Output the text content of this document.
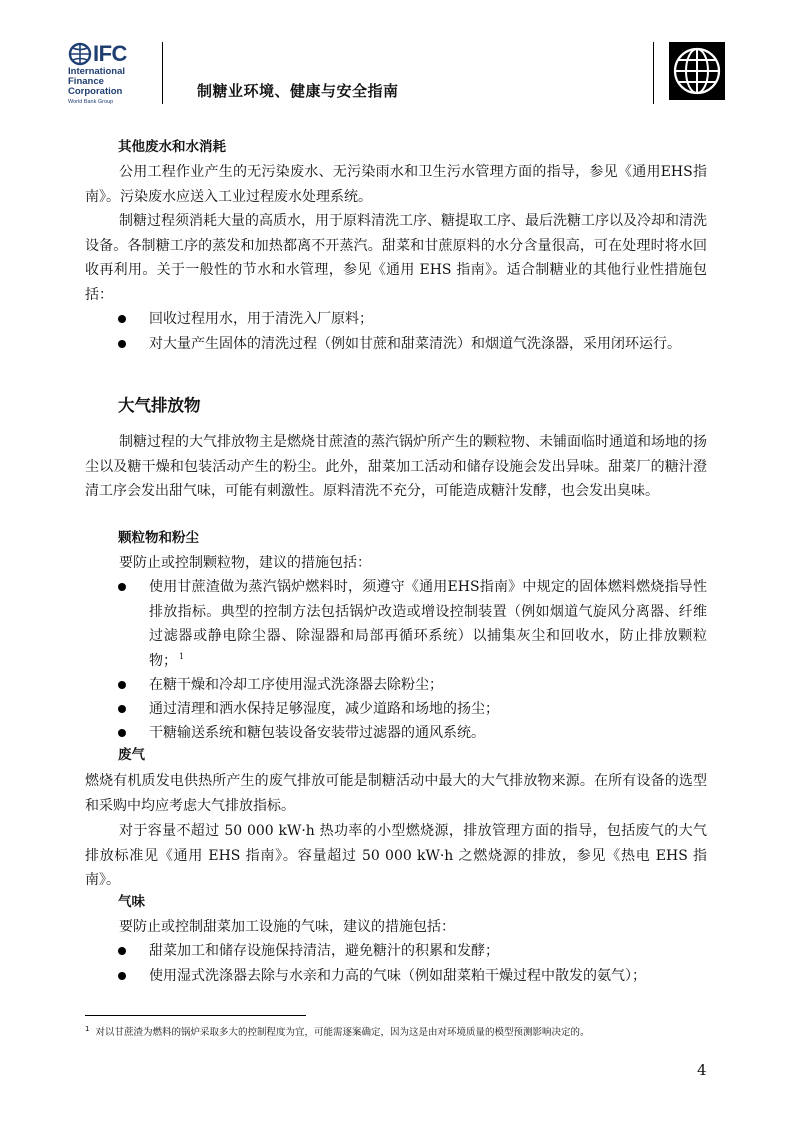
IFC
International
Finance
Corporation
World Bank Group
制糖业环境、健康与安全指南

其他废水和水消耗

公用工程作业产生的无污染废水、无污染雨水和卫生污水管理方面的指导，参见《通用EHS指南》。污染废水应送入工业过程废水处理系统。

制糖过程须消耗大量的高质水，用于原料清洗工序、糖提取工序、最后洗糖工序以及冷却和清洗设备。各制糖工序的蒸发和加热都离不开蒸汽。甜菜和甘蔗原料的水分含量很高，可在处理时将水回收再利用。关于一般性的节水和水管理，参见《通用 EHS 指南》。适合制糖业的其他行业性措施包括：

回收过程用水，用于清洗入厂原料；
对大量产生固体的清洗过程（例如甘蔗和甜菜清洗）和烟道气洗涤器，采用闭环运行。

大气排放物

制糖过程的大气排放物主是燃烧甘蔗渣的蒸汽锅炉所产生的颗粒物、未铺面临时通道和场地的扬尘以及糖干燥和包装活动产生的粉尘。此外，甜菜加工活动和储存设施会发出异味。甜菜厂的糖汁澄清工序会发出甜气味，可能有刺激性。原料清洗不充分，可能造成糖汁发酵，也会发出臭味。

颗粒物和粉尘

要防止或控制颗粒物，建议的措施包括：

使用甘蔗渣做为蒸汽锅炉燃料时，须遵守《通用EHS指南》中规定的固体燃料燃烧指导性排放指标。典型的控制方法包括锅炉改造或增设控制装置（例如烟道气旋风分离器、纤维过滤器或静电除尘器、除湿器和局部再循环系统）以捕集灰尘和回收水，防止排放颗粒物； $^1$
在糖干燥和冷却工序使用湿式洗涤器去除粉尘；
通过清理和洒水保持足够湿度，减少道路和场地的扬尘；
干糖输送系统和糖包装设备安装带过滤器的通风系统。

废气

燃烧有机质发电供热所产生的废气排放可能是制糖活动中最大的大气排放物来源。在所有设备的选型和采购中均应考虑大气排放指标。

对于容量不超过 50 000 kW·h 热功率的小型燃烧源，排放管理方面的指导，包括废气的大气排放标准见《通用 EHS 指南》。容量超过 50 000 kW·h 之燃烧源的排放，参见《热电 EHS 指南》。

气味

要防止或控制甜菜加工设施的气味，建议的措施包括：

甜菜加工和储存设施保持清洁，避免糖汁的积累和发酵；
使用湿式洗涤器去除与水亲和力高的气味（例如甜菜粕干燥过程中散发的氨气）；
$^1$ 对以甘蔗渣为燃料的锅炉采取多大的控制程度为宜，可能需逐案确定，因为这是由对环境质量的模型预测影响决定的。
4
